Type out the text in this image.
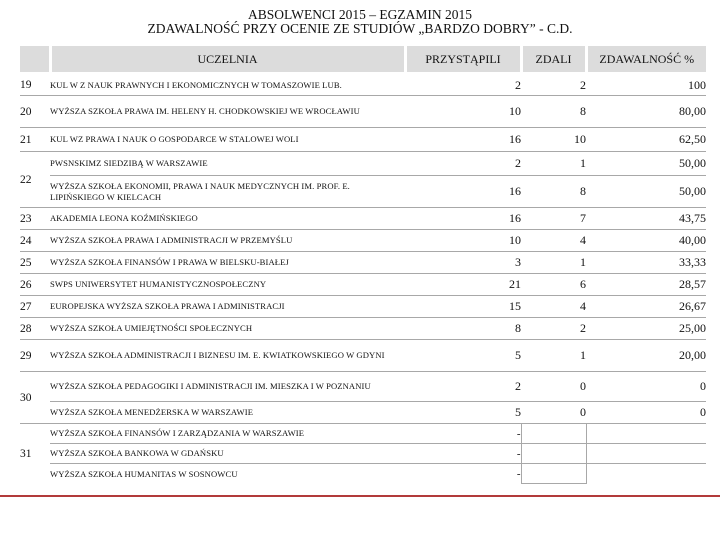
ABSOLWENCI 2015 – EGZAMIN 2015
ZDAWALNOŚĆ PRZY OCENIE ZE STUDIÓW „BARDZO DOBRY” - C.D.
	UCZELNIA	PRZYSTĄPILI	ZDALI	ZDAWALNOŚĆ %
19	KUL W Z NAUK PRAWNYCH I EKONOMICZNYCH W TOMASZOWIE LUB.	2	2	100
20	WYŻSZA SZKOŁA PRAWA IM. HELENY H. CHODKOWSKIEJ WE WROCŁAWIU	10	8	80,00
21	KUL WZ PRAWA I NAUK O GOSPODARCE W STALOWEJ WOLI	16	10	62,50
22	PWSNSKIMZ SIEDZIBĄ W WARSZAWIE	2	1	50,00
	WYŻSZA SZKOŁA EKONOMII, PRAWA I NAUK MEDYCZNYCH IM. PROF. E. LIPIŃSKIEGO W KIELCACH	16	8	50,00
23	AKADEMIA LEONA KOŹMIŃSKIEGO	16	7	43,75
24	WYŻSZA SZKOŁA PRAWA I ADMINISTRACJI W PRZEMYŚLU	10	4	40,00
25	WYŻSZA SZKOŁA FINANSÓW I PRAWA W BIELSKU-BIAŁEJ	3	1	33,33
26	SWPS UNIWERSYTET HUMANISTYCZNOSPOŁECZNY	21	6	28,57
27	EUROPEJSKA WYŻSZA SZKOŁA PRAWA I ADMINISTRACJI	15	4	26,67
28	WYŻSZA SZKOŁA UMIEJĘTNOŚCI SPOŁECZNYCH	8	2	25,00
29	WYŻSZA SZKOŁA ADMINISTRACJI I BIZNESU IM. E. KWIATKOWSKIEGO W GDYNI	5	1	20,00
30	WYŻSZA SZKOŁA PEDAGOGIKI I ADMINISTRACJI IM. MIESZKA I W POZNANIU	2	0	0
	WYŻSZA SZKOŁA MENEDŻERSKA W WARSZAWIE	5	0	0
31	WYŻSZA SZKOŁA FINANSÓW I ZARZĄDZANIA W WARSZAWIE	-		
	WYŻSZA SZKOŁA BANKOWA W GDAŃSKU	-		
	WYŻSZA SZKOŁA HUMANITAS W SOSNOWCU	-		
